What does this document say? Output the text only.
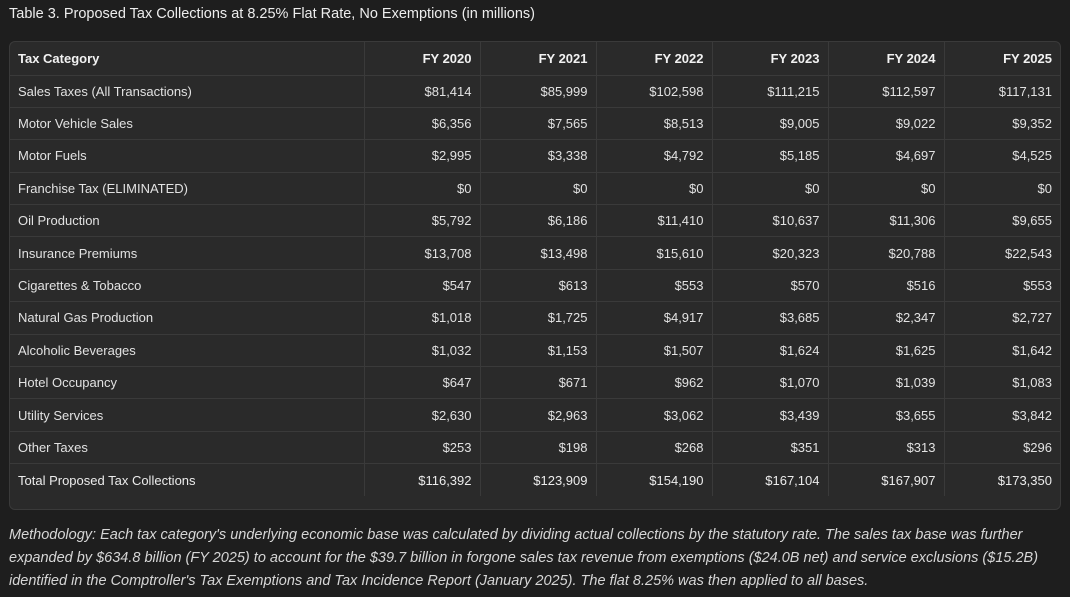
Table 3. Proposed Tax Collections at 8.25% Flat Rate, No Exemptions (in millions)
Tax Category	FY 2020	FY 2021	FY 2022	FY 2023	FY 2024	FY 2025
Sales Taxes (All Transactions)	$81,414	$85,999	$102,598	$111,215	$112,597	$117,131
Motor Vehicle Sales	$6,356	$7,565	$8,513	$9,005	$9,022	$9,352
Motor Fuels	$2,995	$3,338	$4,792	$5,185	$4,697	$4,525
Franchise Tax (ELIMINATED)	$0	$0	$0	$0	$0	$0
Oil Production	$5,792	$6,186	$11,410	$10,637	$11,306	$9,655
Insurance Premiums	$13,708	$13,498	$15,610	$20,323	$20,788	$22,543
Cigarettes & Tobacco	$547	$613	$553	$570	$516	$553
Natural Gas Production	$1,018	$1,725	$4,917	$3,685	$2,347	$2,727
Alcoholic Beverages	$1,032	$1,153	$1,507	$1,624	$1,625	$1,642
Hotel Occupancy	$647	$671	$962	$1,070	$1,039	$1,083
Utility Services	$2,630	$2,963	$3,062	$3,439	$3,655	$3,842
Other Taxes	$253	$198	$268	$351	$313	$296
Total Proposed Tax Collections	$116,392	$123,909	$154,190	$167,104	$167,907	$173,350
Methodology: Each tax category's underlying economic base was calculated by dividing actual collections by the statutory rate. The sales tax base was further expanded by $634.8 billion (FY 2025) to account for the $39.7 billion in forgone sales tax revenue from exemptions ($24.0B net) and service exclusions ($15.2B) identified in the Comptroller's Tax Exemptions and Tax Incidence Report (January 2025). The flat 8.25% was then applied to all bases.
